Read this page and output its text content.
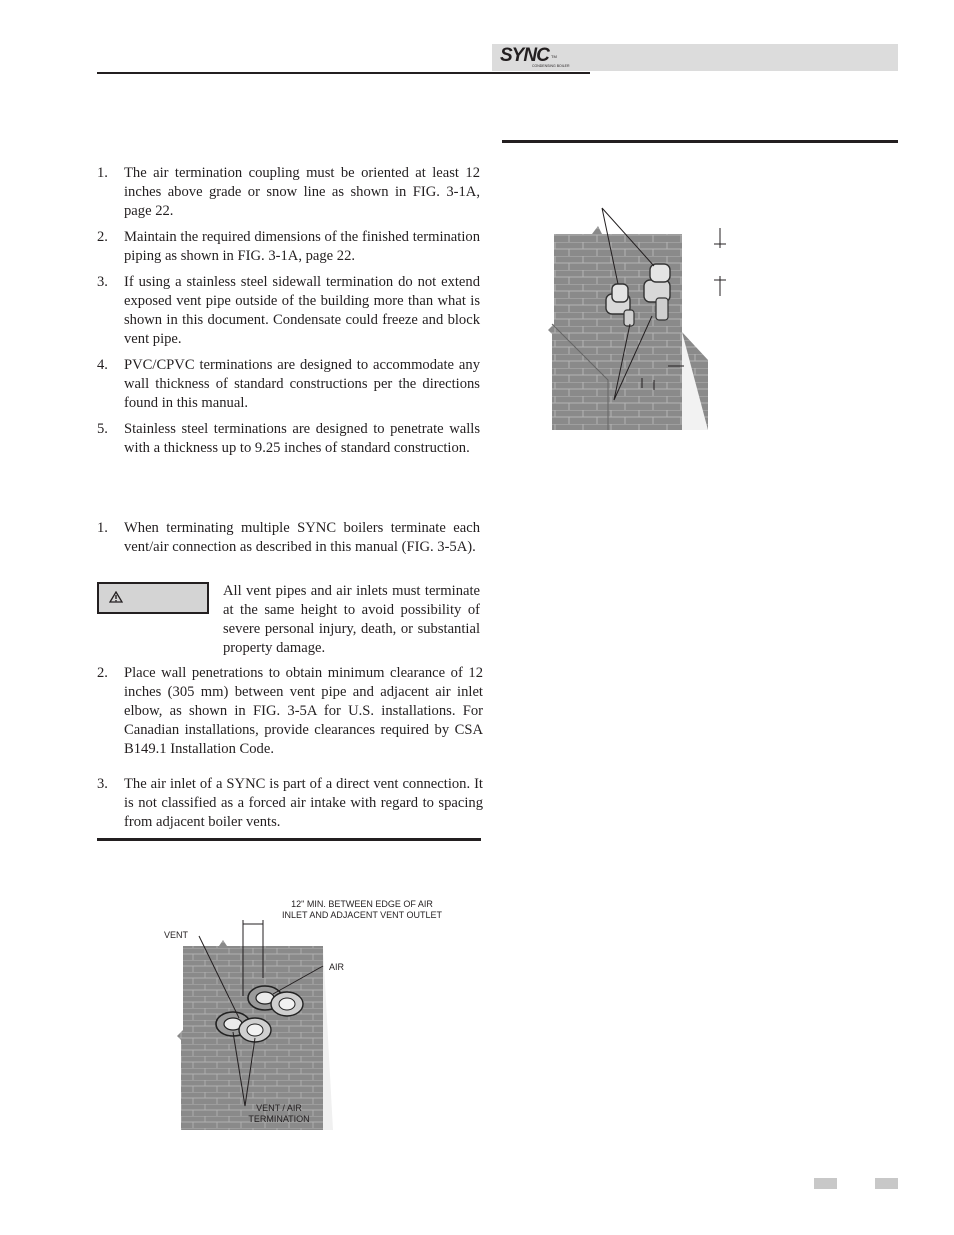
SYNC TM
CONDENSING BOILER
1. The air termination coupling must be oriented at least 12 inches above grade or snow line as shown in FIG. 3-1A, page 22.
2. Maintain the required dimensions of the finished termination piping as shown in FIG. 3-1A, page 22.
3. If using a stainless steel sidewall termination do not extend exposed vent pipe outside of the building more than what is shown in this document. Condensate could freeze and block vent pipe.
4. PVC/CPVC terminations are designed to accommodate any wall thickness of standard constructions per the directions found in this manual.
5. Stainless steel terminations are designed to penetrate walls with a thickness up to 9.25 inches of standard construction.
1. When terminating multiple SYNC boilers terminate each vent/air connection as described in this manual (FIG. 3-5A).
All vent pipes and air inlets must terminate at the same height to avoid possibility of severe personal injury, death, or substantial property damage.
2. Place wall penetrations to obtain minimum clearance of 12 inches (305 mm) between vent pipe and adjacent air inlet elbow, as shown in FIG. 3-5A for U.S. installations. For Canadian installations, provide clearances required by CSA B149.1 Installation Code.
3. The air inlet of a SYNC is part of a direct vent connection. It is not classified as a forced air intake with regard to spacing from adjacent boiler vents.
12" MIN. BETWEEN EDGE OF AIR
INLET AND ADJACENT VENT OUTLET
VENT
AIR
VENT / AIR
TERMINATION
